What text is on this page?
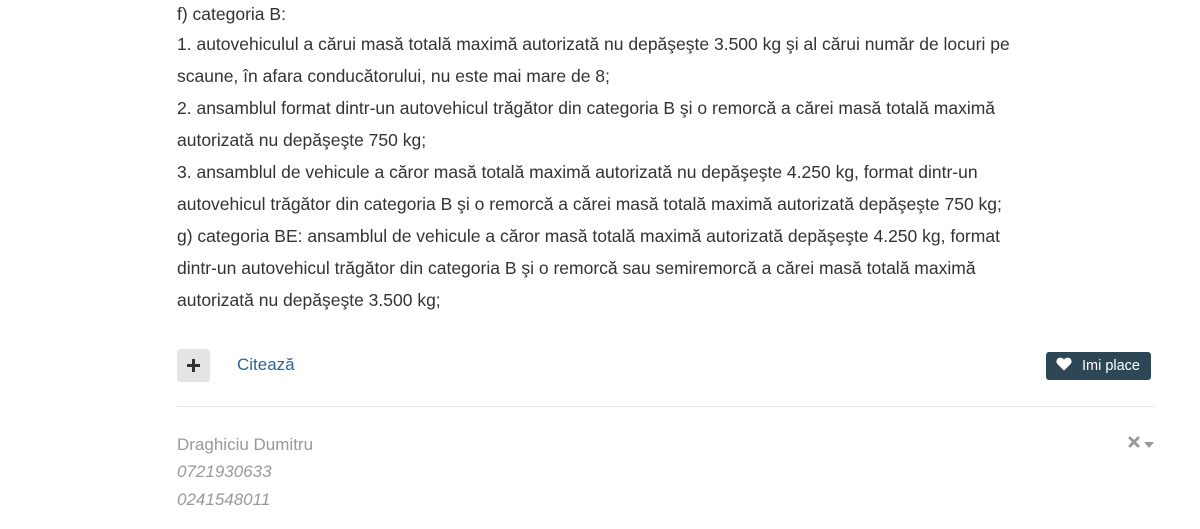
f) categoria B:
1. autovehiculul a cărui masă totală maximă autorizată nu depăşeşte 3.500 kg şi al cărui număr de locuri pe
scaune, în afara conducătorului, nu este mai mare de 8;
2. ansamblul format dintr-un autovehicul trăgător din categoria B şi o remorcă a cărei masă totală maximă
autorizată nu depăşeşte 750 kg;
3. ansamblul de vehicule a căror masă totală maximă autorizată nu depăşeşte 4.250 kg, format dintr-un
autovehicul trăgător din categoria B şi o remorcă a cărei masă totală maximă autorizată depăşeşte 750 kg;
g) categoria BE: ansamblul de vehicule a căror masă totală maximă autorizată depăşeşte 4.250 kg, format
dintr-un autovehicul trăgător din categoria B şi o remorcă sau semiremorcă a cărei masă totală maximă
autorizată nu depăşeşte 3.500 kg;
Citează	Imi place
Draghiciu Dumitru
0721930633
0241548011
